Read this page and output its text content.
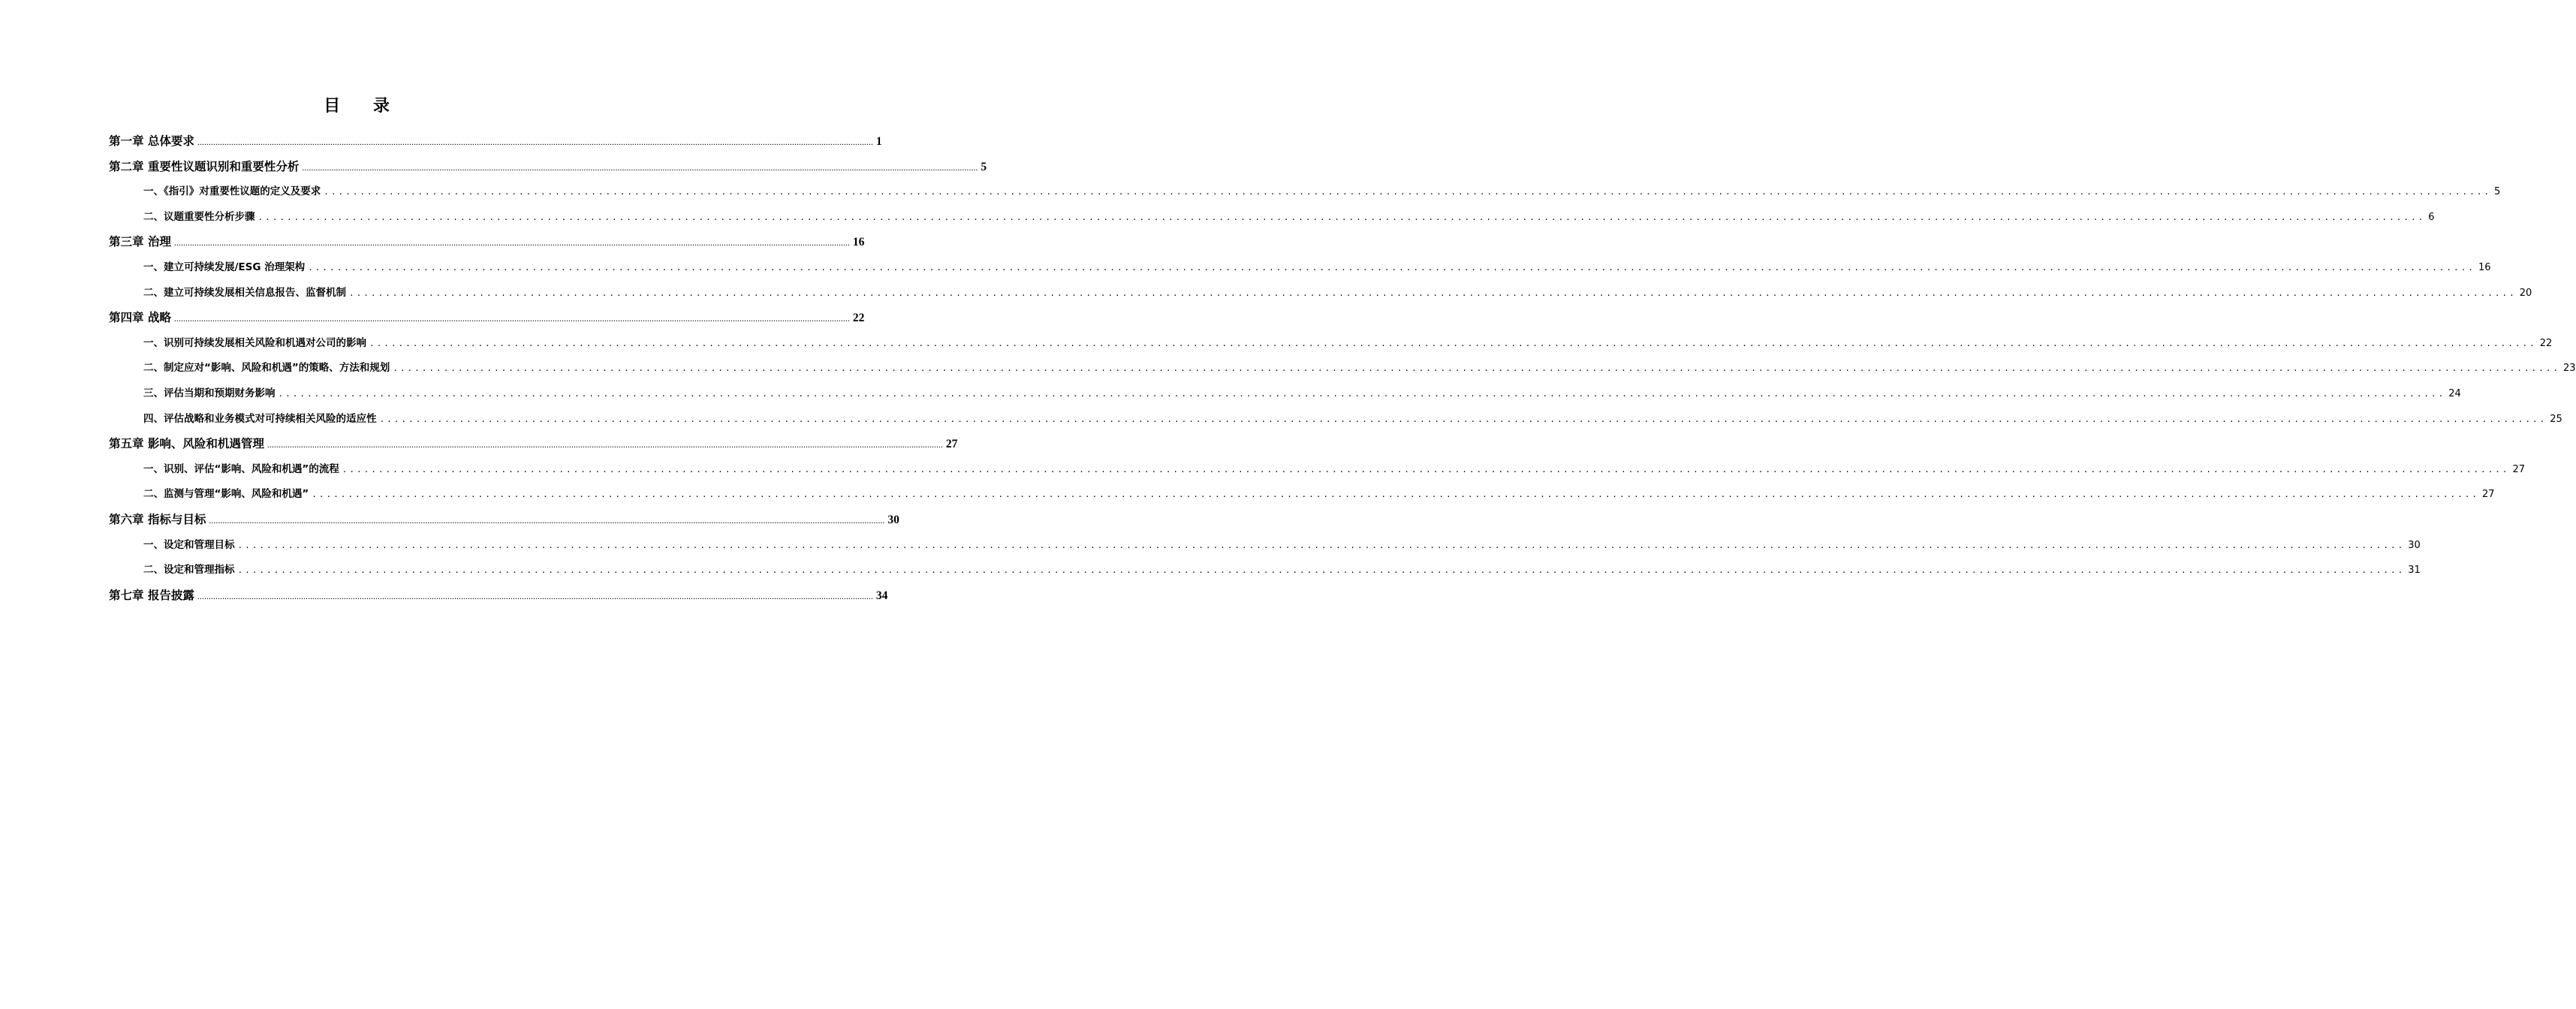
目 录
第一章 总体要求 ............................................................................................................................................................................................................................................................................................................ 1
第二章 重要性议题识别和重要性分析 ............................................................................................................................................................................................................................................................................................................ 5
一、《指引》对重要性议题的定义及要求 ............................................................................................................................................................................................................................................................................................................ 5
二、议题重要性分析步骤 ............................................................................................................................................................................................................................................................................................................ 6
第三章 治理 ............................................................................................................................................................................................................................................................................................................ 16
一、建立可持续发展/ESG 治理架构 ............................................................................................................................................................................................................................................................................................................ 16
二、建立可持续发展相关信息报告、监督机制 ............................................................................................................................................................................................................................................................................................................ 20
第四章 战略 ............................................................................................................................................................................................................................................................................................................ 22
一、识别可持续发展相关风险和机遇对公司的影响 ............................................................................................................................................................................................................................................................................................................ 22
二、制定应对“影响、风险和机遇”的策略、方法和规划 ............................................................................................................................................................................................................................................................................................................ 23
三、评估当期和预期财务影响 ............................................................................................................................................................................................................................................................................................................ 24
四、评估战略和业务模式对可持续相关风险的适应性 ............................................................................................................................................................................................................................................................................................................ 25
第五章 影响、风险和机遇管理 ............................................................................................................................................................................................................................................................................................................ 27
一、识别、评估“影响、风险和机遇”的流程 ............................................................................................................................................................................................................................................................................................................ 27
二、监测与管理“影响、风险和机遇” ............................................................................................................................................................................................................................................................................................................ 27
第六章 指标与目标 ............................................................................................................................................................................................................................................................................................................ 30
一、设定和管理目标 ............................................................................................................................................................................................................................................................................................................ 30
二、设定和管理指标 ............................................................................................................................................................................................................................................................................................................ 31
第七章 报告披露 ............................................................................................................................................................................................................................................................................................................ 34
